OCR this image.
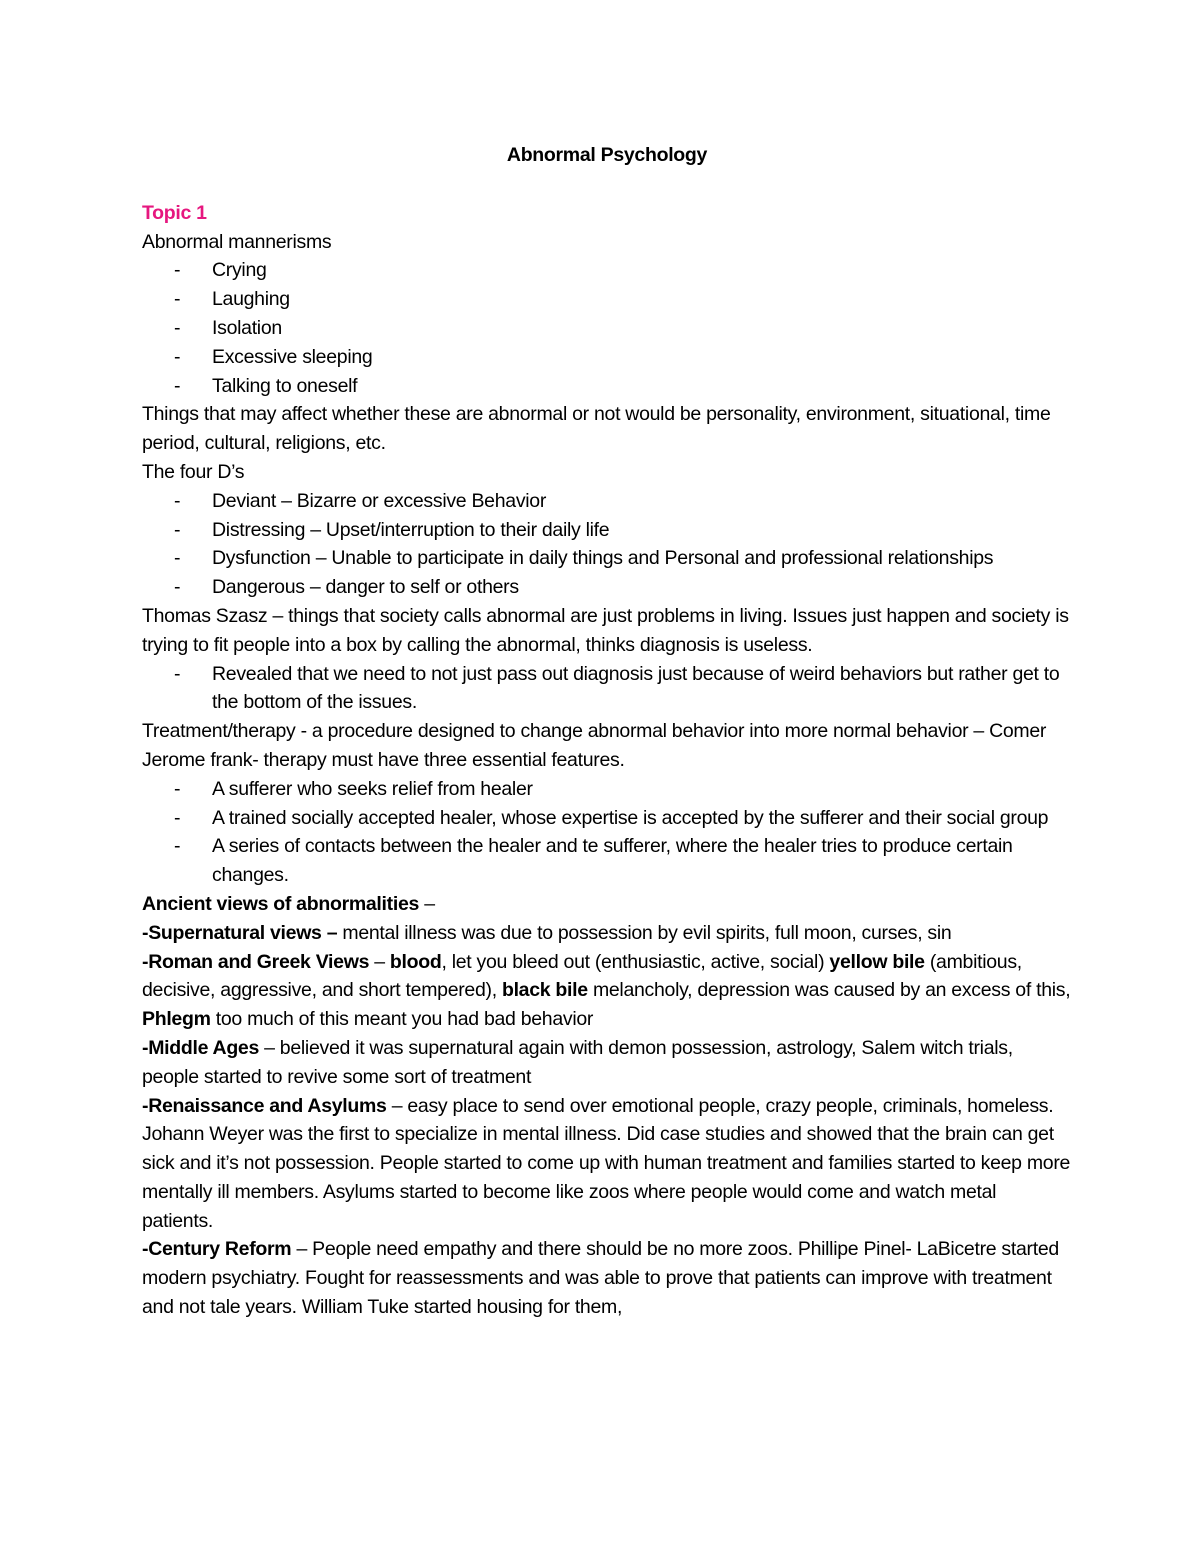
Abnormal Psychology
Topic 1
Abnormal mannerisms
- Crying
- Laughing
- Isolation
- Excessive sleeping
- Talking to oneself
Things that may affect whether these are abnormal or not would be personality, environment, situational, time period, cultural, religions, etc.
The four D’s
- Deviant – Bizarre or excessive Behavior
- Distressing – Upset/interruption to their daily life
- Dysfunction – Unable to participate in daily things and Personal and professional relationships
- Dangerous – danger to self or others
Thomas Szasz – things that society calls abnormal are just problems in living. Issues just happen and society is trying to fit people into a box by calling the abnormal, thinks diagnosis is useless.
- Revealed that we need to not just pass out diagnosis just because of weird behaviors but rather get to the bottom of the issues.
Treatment/therapy - a procedure designed to change abnormal behavior into more normal behavior – Comer
Jerome frank- therapy must have three essential features.
- A sufferer who seeks relief from healer
- A trained socially accepted healer, whose expertise is accepted by the sufferer and their social group
- A series of contacts between the healer and te sufferer, where the healer tries to produce certain changes.
Ancient views of abnormalities –
-Supernatural views – mental illness was due to possession by evil spirits, full moon, curses, sin
-Roman and Greek Views – blood, let you bleed out (enthusiastic, active, social) yellow bile (ambitious, decisive, aggressive, and short tempered), black bile melancholy, depression was caused by an excess of this, Phlegm too much of this meant you had bad behavior
-Middle Ages – believed it was supernatural again with demon possession, astrology, Salem witch trials, people started to revive some sort of treatment
-Renaissance and Asylums – easy place to send over emotional people, crazy people, criminals, homeless. Johann Weyer was the first to specialize in mental illness. Did case studies and showed that the brain can get sick and it’s not possession. People started to come up with human treatment and families started to keep more mentally ill members. Asylums started to become like zoos where people would come and watch metal patients.
-Century Reform – People need empathy and there should be no more zoos. Phillipe Pinel- LaBicetre started modern psychiatry. Fought for reassessments and was able to prove that patients can improve with treatment and not tale years. William Tuke started housing for them,
